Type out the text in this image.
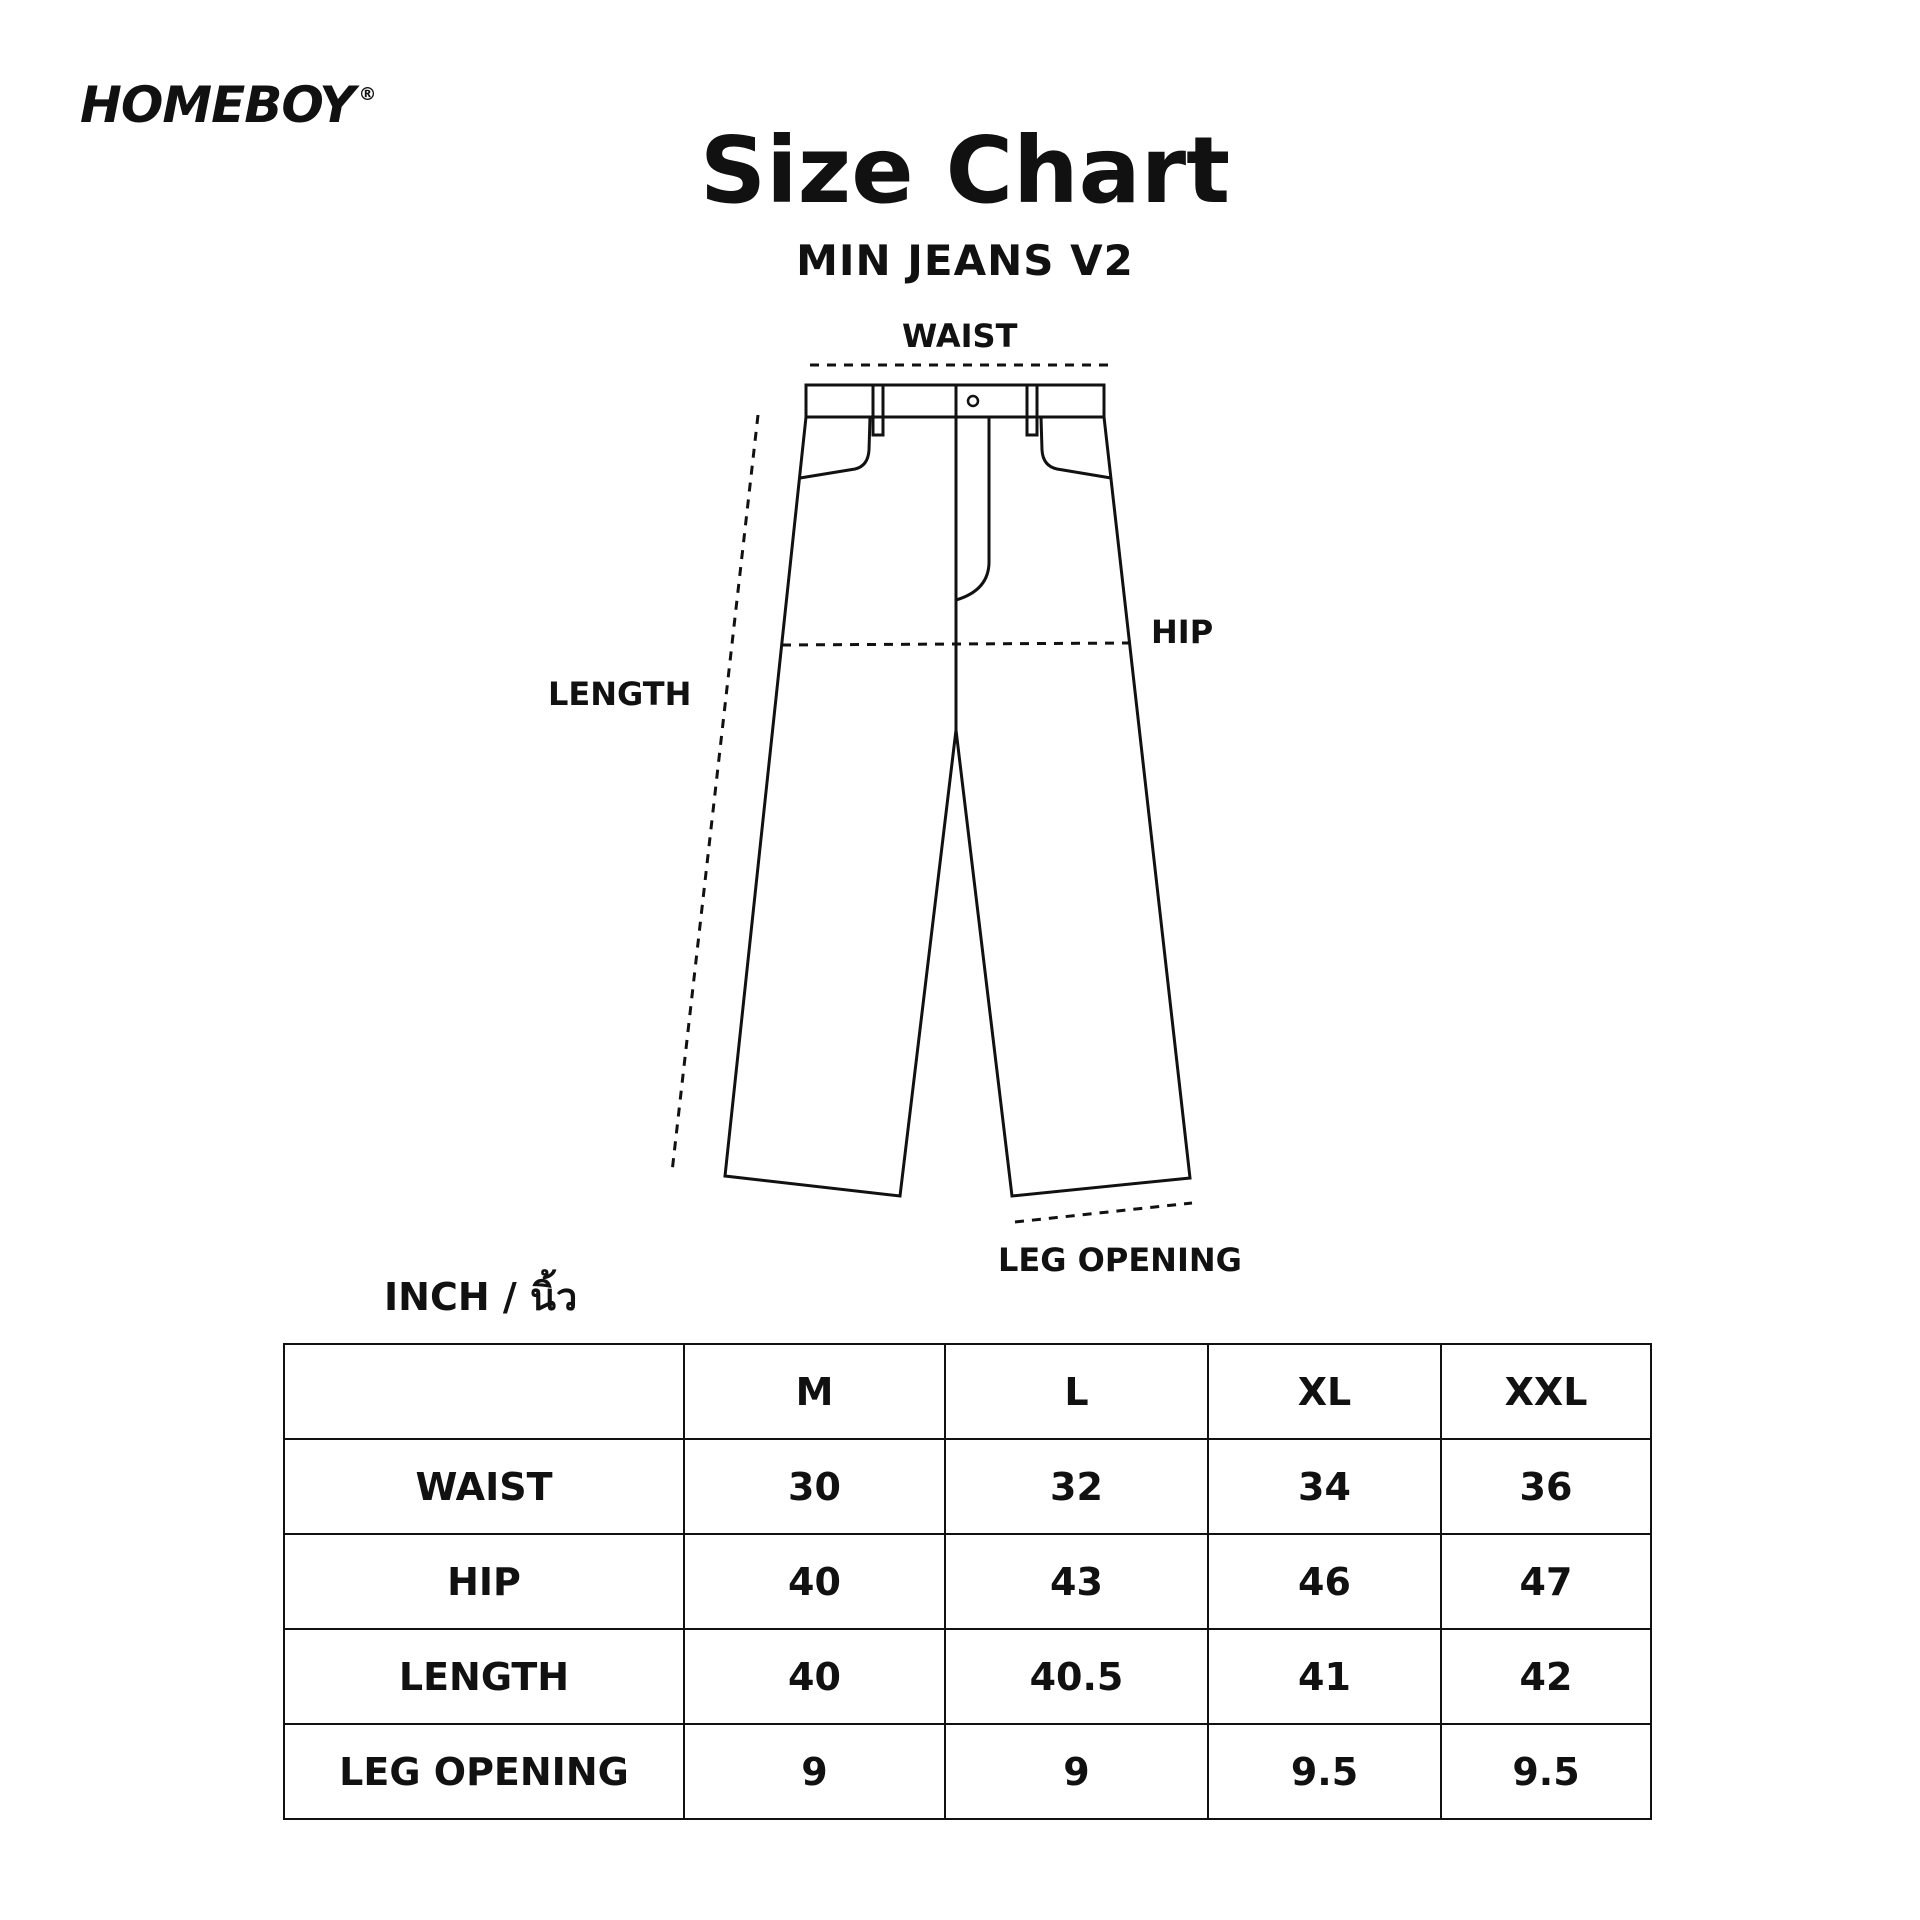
HOMEBOY ®
Size Chart
MIN JEANS V2
WAIST
HIP
LENGTH
LEG OPENING
INCH / นิ้ว
	M	L	XL	XXL
WAIST	30	32	34	36
HIP	40	43	46	47
LENGTH	40	40.5	41	42
LEG OPENING	9	9	9.5	9.5
